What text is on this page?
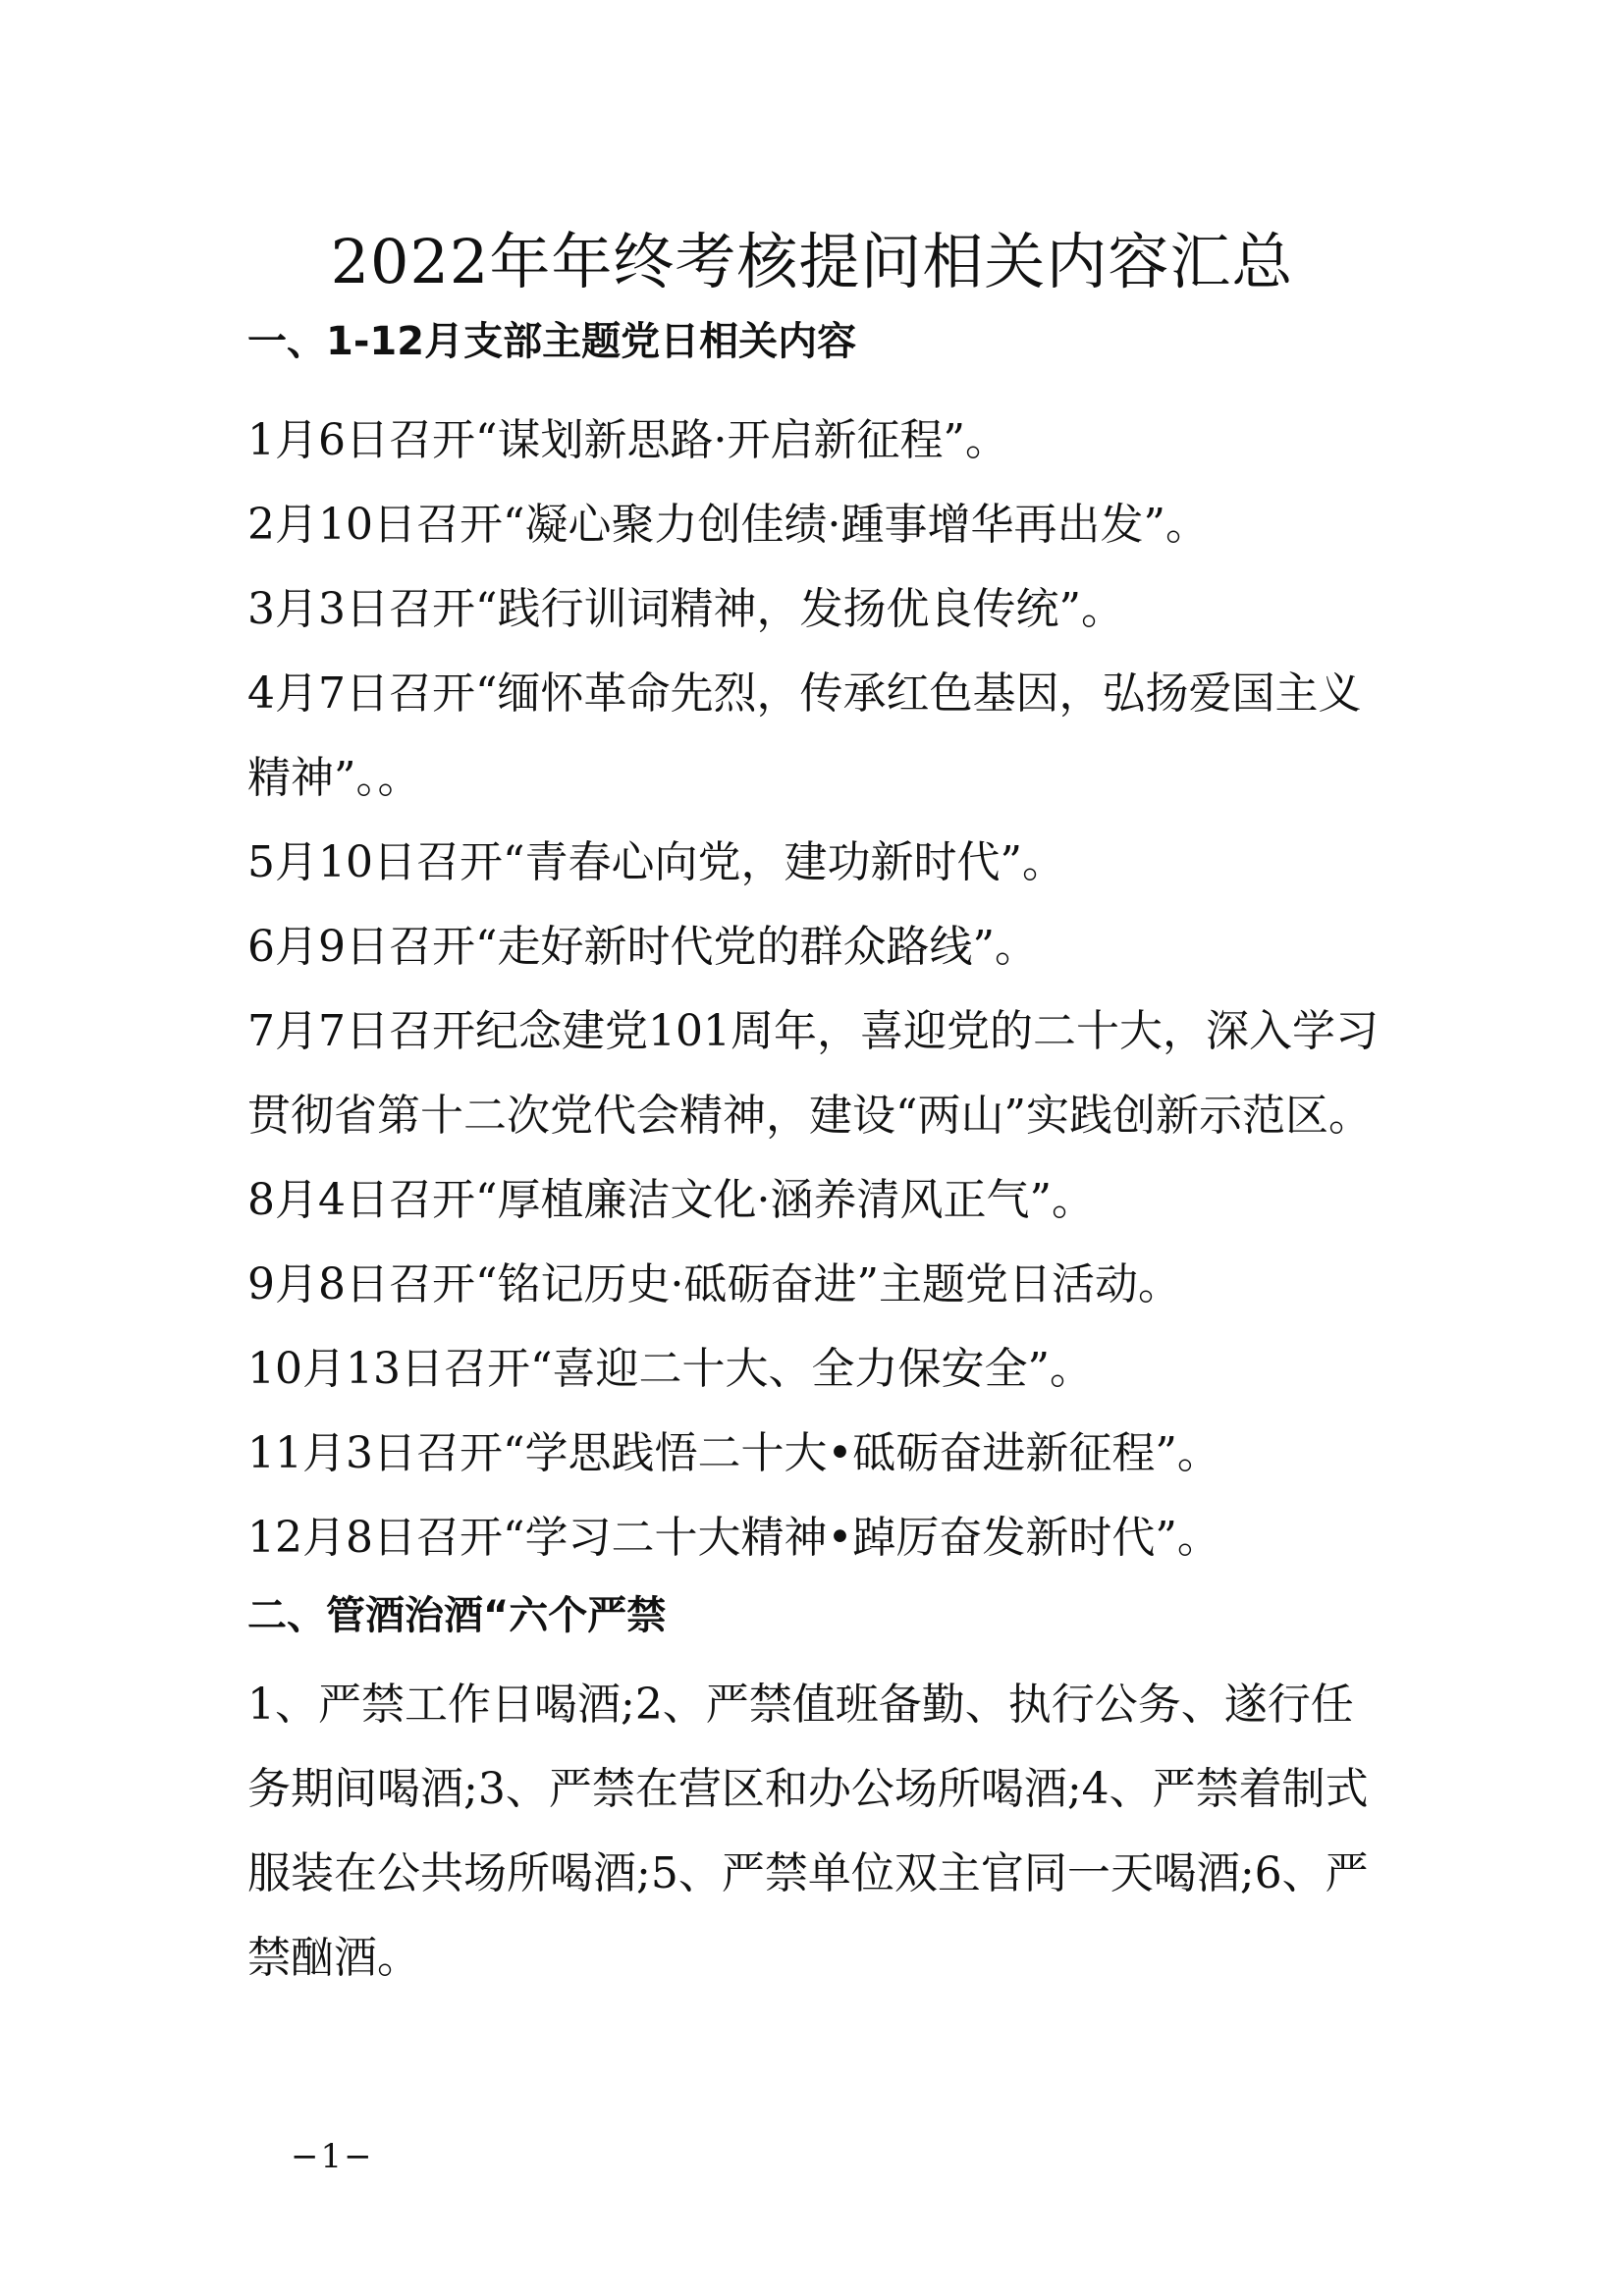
2022年年终考核提问相关内容汇总
一、1-12月支部主题党日相关内容

1月6日召开“谋划新思路·开启新征程”。

2月10日召开“凝心聚力创佳绩·踵事增华再出发”。

3月3日召开“践行训词精神，发扬优良传统”。

4月7日召开“缅怀革命先烈，传承红色基因，弘扬爱国主义精神”。。

5月10日召开“青春心向党，建功新时代”。

6月9日召开“走好新时代党的群众路线”。

7月7日召开纪念建党101周年，喜迎党的二十大，深入学习贯彻省第十二次党代会精神，建设“两山”实践创新示范区。

8月4日召开“厚植廉洁文化·涵养清风正气”。

9月8日召开“铭记历史·砥砺奋进”主题党日活动。

10月13日召开“喜迎二十大、全力保安全”。

11月3日召开“学思践悟二十大•砥砺奋进新征程”。

12月8日召开“学习二十大精神•踔厉奋发新时代”。

二、管酒治酒“六个严禁

1、严禁工作日喝酒;2、严禁值班备勤、执行公务、遂行任务期间喝酒;3、严禁在营区和办公场所喝酒;4、严禁着制式服装在公共场所喝酒;5、严禁单位双主官同一天喝酒;6、严禁酗酒。

−1−
